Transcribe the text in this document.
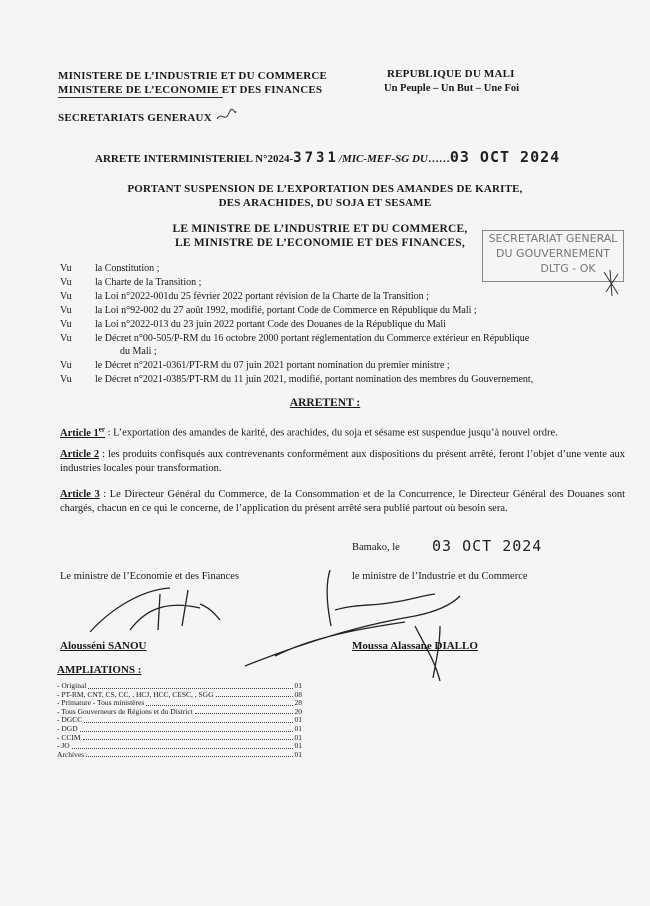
MINISTERE DE L’INDUSTRIE ET DU COMMERCE
MINISTERE DE L’ECONOMIE ET DES FINANCES
SECRETARIATS GENERAUX
REPUBLIQUE DU MALI
Un Peuple – Un But – Une Foi
ARRETE INTERMINISTERIEL N°2024-3731/MIC-MEF-SG DU……03 OCT 2024
PORTANT SUSPENSION DE L’EXPORTATION DES AMANDES DE KARITE,
DES ARACHIDES, DU SOJA ET SESAME
LE MINISTRE DE L’INDUSTRIE ET DU COMMERCE,
LE MINISTRE DE L’ECONOMIE ET DES FINANCES,	SECRETARIAT GENERAL
DU GOUVERNEMENT
DLTG - OK
Vu la Constitution ;
Vu la Charte de la Transition ;
Vu la Loi n°2022-001du 25 février 2022 portant révision de la Charte de la Transition ;
Vu la Loi n°92-002 du 27 août 1992, modifié, portant Code de Commerce en République du Mali ;
Vu la Loi n°2022-013 du 23 juin 2022 portant Code des Douanes de la République du Mali
Vu le Décret n°00-505/P-RM du 16 octobre 2000 portant réglementation du Commerce extérieur en République
du Mali ;
Vu le Décret n°2021-0361/PT-RM du 07 juin 2021 portant nomination du premier ministre ;
Vu le Décret n°2021-0385/PT-RM du 11 juin 2021, modifié, portant nomination des membres du Gouvernement,
ARRETENT :
Article 1er : L’exportation des amandes de karité, des arachides, du soja et sésame est suspendue jusqu’à nouvel ordre.
Article 2 : les produits confisqués aux contrevenants conformément aux dispositions du présent arrêté, feront l’objet d’une vente aux industries locales pour transformation.
Article 3 : Le Directeur Général du Commerce, de la Consommation et de la Concurrence, le Directeur Général des Douanes sont chargés, chacun en ce qui le concerne, de l’application du présent arrêté sera publié partout où besoin sera.
Bamako, le 03 OCT 2024
Le ministre de l’Economie et des Finances	le ministre de l’Industrie et du Commerce
Alousséni SANOU	Moussa Alassane DIALLO
AMPLIATIONS :
- Original	01
- PT-RM, CNT, CS, CC, , HCJ, HCC, CESC, , SGG	08
- Primature - Tous ministères	28
- Tous Gouverneurs de Régions et du District	20
- DGCC	01
- DGD	01
- CCIM	01
- JO	01
Archives	01
